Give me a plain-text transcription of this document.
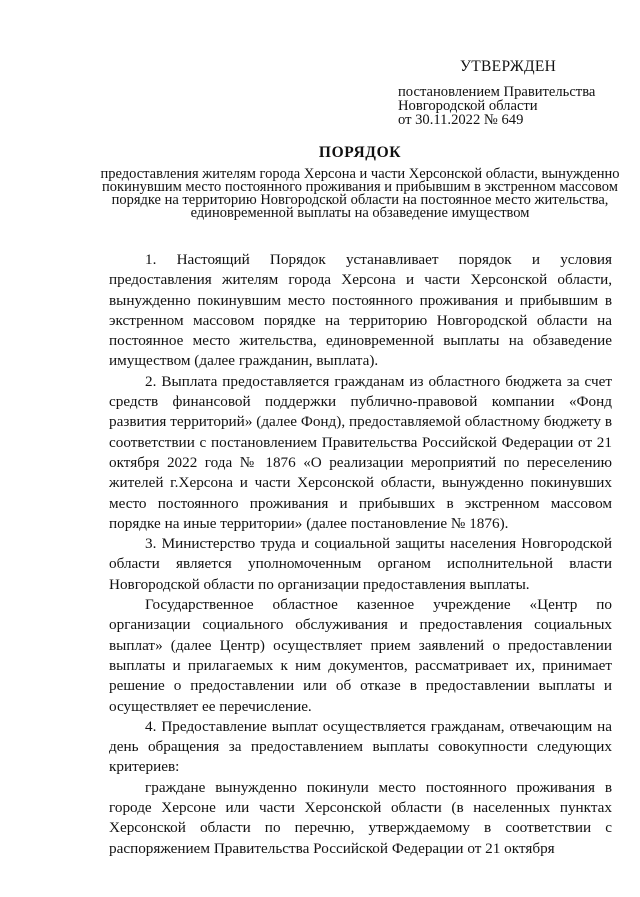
УТВЕРЖДЕН
постановлением Правительства
Новгородской области
от 30.11.2022 № 649
ПОРЯДОК
предоставления жителям города Херсона и части Херсонской области, вынужденно покинувшим место постоянного проживания и прибывшим в экстренном массовом порядке на территорию Новгородской области на постоянное место жительства, единовременной выплаты на обзаведение имуществом

1. Настоящий Порядок устанавливает порядок и условия предоставления жителям города Херсона и части Херсонской области, вынужденно покинувшим место постоянного проживания и прибывшим в экстренном массовом порядке на территорию Новгородской области на постоянное место жительства, единовременной выплаты на обзаведение имуществом (далее гражданин, выплата).

2. Выплата предоставляется гражданам из областного бюджета за счет средств финансовой поддержки публично-правовой компании «Фонд развития территорий» (далее Фонд), предоставляемой областному бюджету в соответствии с постановлением Правительства Российской Федерации от 21 октября 2022 года № 1876 «О реализации мероприятий по переселению жителей г.Херсона и части Херсонской области, вынужденно покинувших место постоянного проживания и прибывших в экстренном массовом порядке на иные территории» (далее постановление № 1876).

3. Министерство труда и социальной защиты населения Новгородской области является уполномоченным органом исполнительной власти Новгородской области по организации предоставления выплаты.

Государственное областное казенное учреждение «Центр по организации социального обслуживания и предоставления социальных выплат» (далее Центр) осуществляет прием заявлений о предоставлении выплаты и прилагаемых к ним документов, рассматривает их, принимает решение о предоставлении или об отказе в предоставлении выплаты и осуществляет ее перечисление.

4. Предоставление выплат осуществляется гражданам, отвечающим на день обращения за предоставлением выплаты совокупности следующих критериев:

граждане вынужденно покинули место постоянного проживания в городе Херсоне или части Херсонской области (в населенных пунктах Херсонской области по перечню, утверждаемому в соответствии с распоряжением Правительства Российской Федерации от 21 октября
